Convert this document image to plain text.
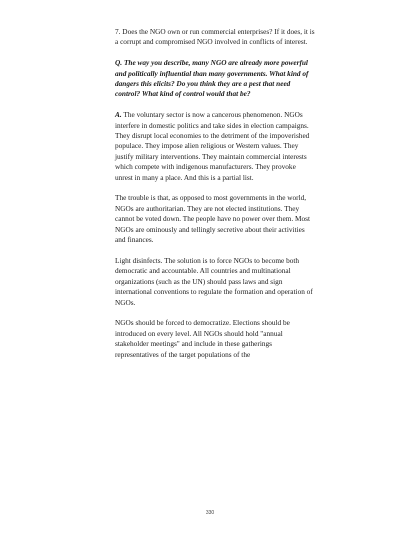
7. Does the NGO own or run commercial enterprises? If it does, it is a corrupt and compromised NGO involved in conflicts of interest.

Q. The way you describe, many NGO are already more powerful and politically influential than many governments. What kind of dangers this elicits? Do you think they are a pest that need control? What kind of control would that be?

A. The voluntary sector is now a cancerous phenomenon. NGOs interfere in domestic politics and take sides in election campaigns. They disrupt local economies to the detriment of the impoverished populace. They impose alien religious or Western values. They justify military interventions. They maintain commercial interests which compete with indigenous manufacturers. They provoke unrest in many a place. And this is a partial list.

The trouble is that, as opposed to most governments in the world, NGOs are authoritarian. They are not elected institutions. They cannot be voted down. The people have no power over them. Most NGOs are ominously and tellingly secretive about their activities and finances.

Light disinfects. The solution is to force NGOs to become both democratic and accountable. All countries and multinational organizations (such as the UN) should pass laws and sign international conventions to regulate the formation and operation of NGOs.

NGOs should be forced to democratize. Elections should be introduced on every level. All NGOs should hold "annual stakeholder meetings" and include in these gatherings representatives of the target populations of the

330
